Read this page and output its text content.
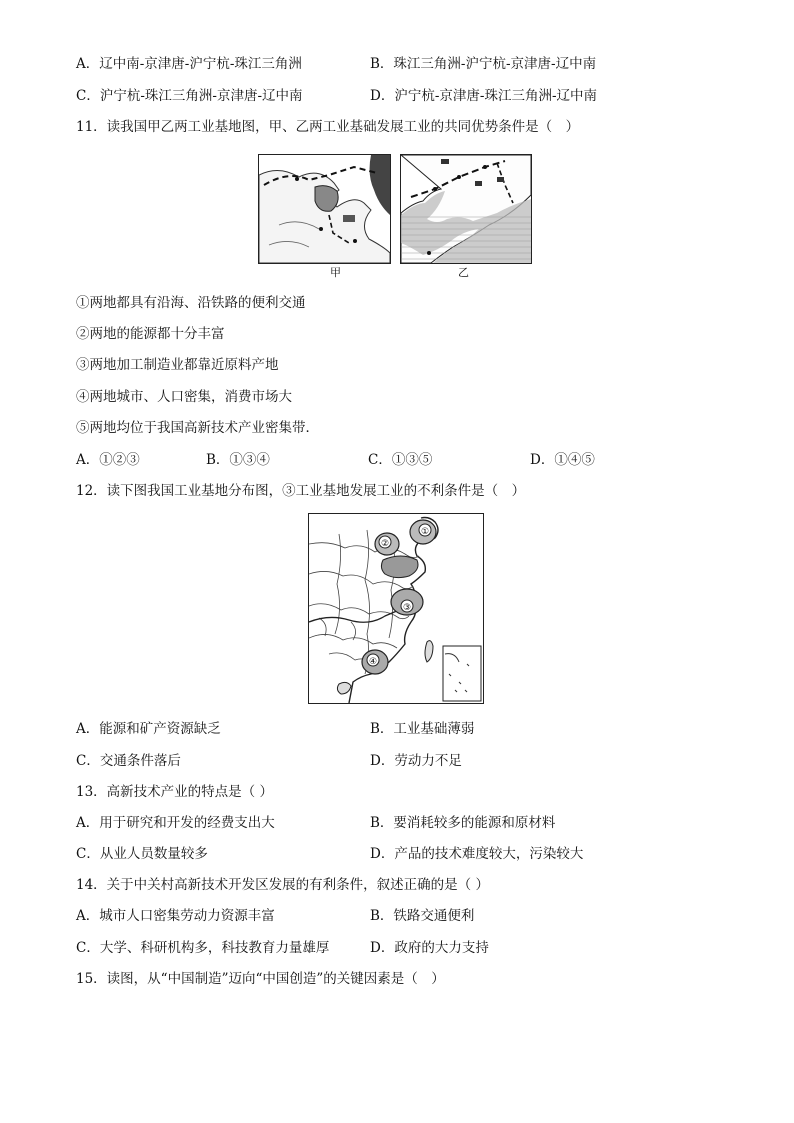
A．辽中南-京津唐-沪宁杭-珠江三角洲	B．珠江三角洲-沪宁杭-京津唐-辽中南
C．沪宁杭-珠江三角洲-京津唐-辽中南	D．沪宁杭-京津唐-珠江三角洲-辽中南
11．读我国甲乙两工业基地图，甲、乙两工业基础发展工业的共同优势条件是（　）
甲	乙
①两地都具有沿海、沿铁路的便利交通
②两地的能源都十分丰富
③两地加工制造业都靠近原料产地
④两地城市、人口密集，消费市场大
⑤两地均位于我国高新技术产业密集带．
A．①②③	B．①③④	C．①③⑤	D．①④⑤
12．读下图我国工业基地分布图，③工业基地发展工业的不利条件是（　）
①
②
③
④
A．能源和矿产资源缺乏	B．工业基础薄弱
C．交通条件落后	D．劳动力不足
13．高新技术产业的特点是（ ）
A．用于研究和开发的经费支出大	B．要消耗较多的能源和原材料
C．从业人员数量较多	D．产品的技术难度较大，污染较大
14．关于中关村高新技术开发区发展的有利条件，叙述正确的是（ ）
A．城市人口密集劳动力资源丰富	B．铁路交通便利
C．大学、科研机构多，科技教育力量雄厚	D．政府的大力支持
15．读图，从“中国制造”迈向“中国创造”的关键因素是（　）
